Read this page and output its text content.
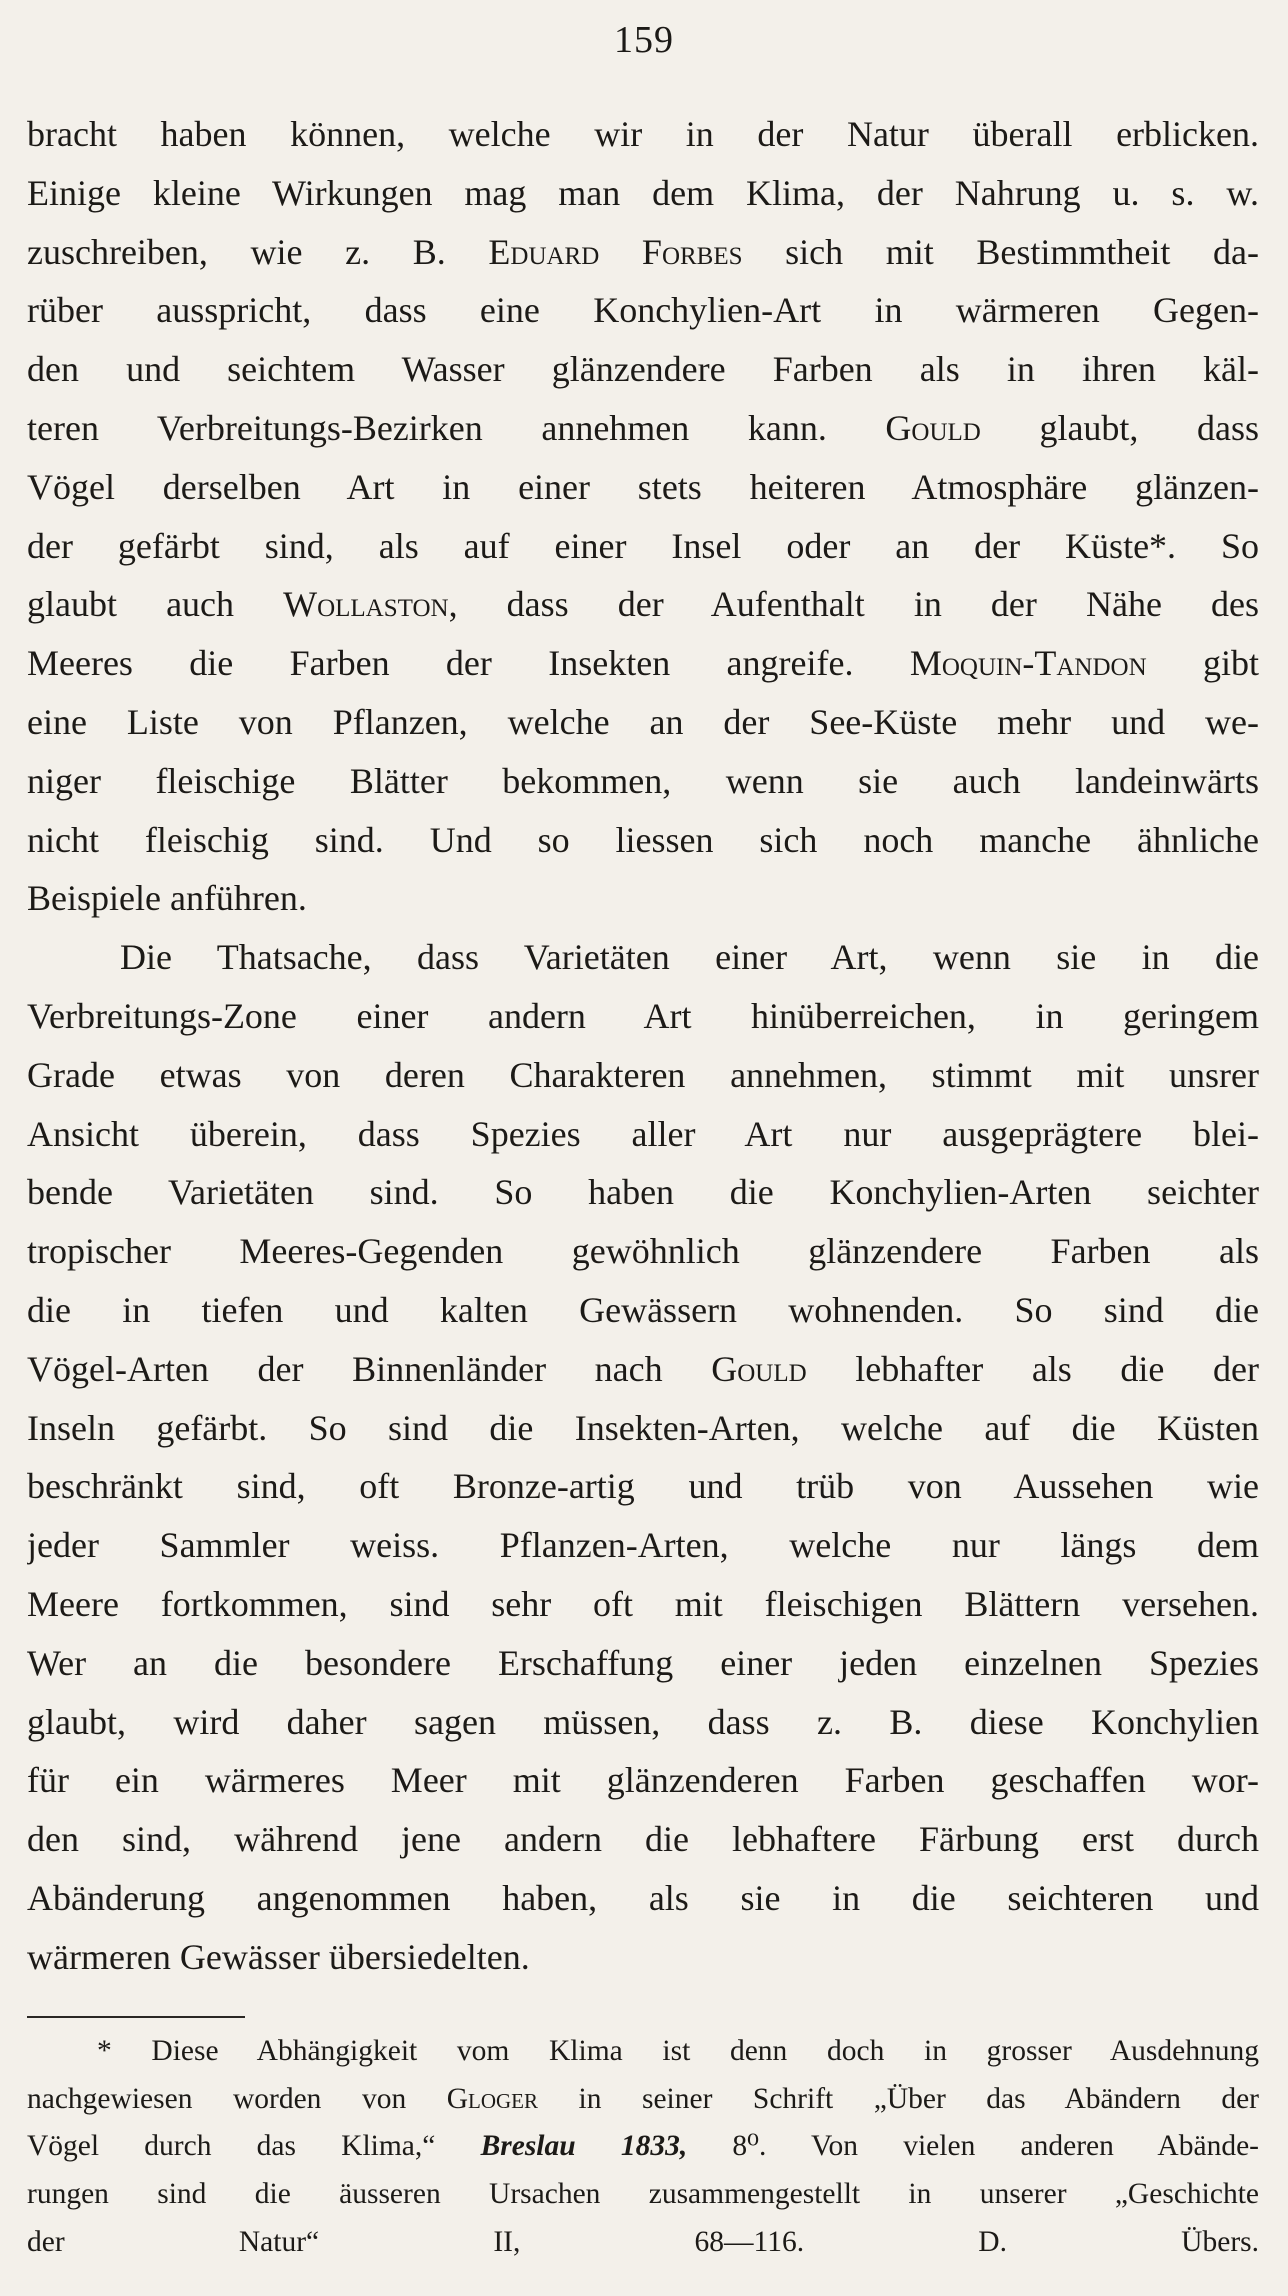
159
bracht haben können, welche wir in der Natur überall erblicken.
Einige kleine Wirkungen mag man dem Klima, der Nahrung u. s. w.
zuschreiben, wie z. B. Eduard Forbes sich mit Bestimmtheit da-
rüber ausspricht, dass eine Konchylien-Art in wärmeren Gegen-
den und seichtem Wasser glänzendere Farben als in ihren käl-
teren Verbreitungs-Bezirken annehmen kann. Gould glaubt, dass
Vögel derselben Art in einer stets heiteren Atmosphäre glänzen-
der gefärbt sind, als auf einer Insel oder an der Küste*. So
glaubt auch Wollaston, dass der Aufenthalt in der Nähe des
Meeres die Farben der Insekten angreife. Moquin-Tandon gibt
eine Liste von Pflanzen, welche an der See-Küste mehr und we-
niger fleischige Blätter bekommen, wenn sie auch landeinwärts
nicht fleischig sind. Und so liessen sich noch manche ähnliche
Beispiele anführen.
Die Thatsache, dass Varietäten einer Art, wenn sie in die
Verbreitungs-Zone einer andern Art hinüberreichen, in geringem
Grade etwas von deren Charakteren annehmen, stimmt mit unsrer
Ansicht überein, dass Spezies aller Art nur ausgeprägtere blei-
bende Varietäten sind. So haben die Konchylien-Arten seichter
tropischer Meeres-Gegenden gewöhnlich glänzendere Farben als
die in tiefen und kalten Gewässern wohnenden. So sind die
Vögel-Arten der Binnenländer nach Gould lebhafter als die der
Inseln gefärbt. So sind die Insekten-Arten, welche auf die Küsten
beschränkt sind, oft Bronze-artig und trüb von Aussehen wie
jeder Sammler weiss. Pflanzen-Arten, welche nur längs dem
Meere fortkommen, sind sehr oft mit fleischigen Blättern versehen.
Wer an die besondere Erschaffung einer jeden einzelnen Spezies
glaubt, wird daher sagen müssen, dass z. B. diese Konchylien
für ein wärmeres Meer mit glänzenderen Farben geschaffen wor-
den sind, während jene andern die lebhaftere Färbung erst durch
Abänderung angenommen haben, als sie in die seichteren und
wärmeren Gewässer übersiedelten.
* Diese Abhängigkeit vom Klima ist denn doch in grosser Ausdehnung
nachgewiesen worden von Gloger in seiner Schrift „Über das Abändern der
Vögel durch das Klima,“ Breslau 1833, 8⁰. Von vielen anderen Abände-
rungen sind die äusseren Ursachen zusammengestellt in unserer „Geschichte
der Natur“ II, 68—116.	D. Übers.
